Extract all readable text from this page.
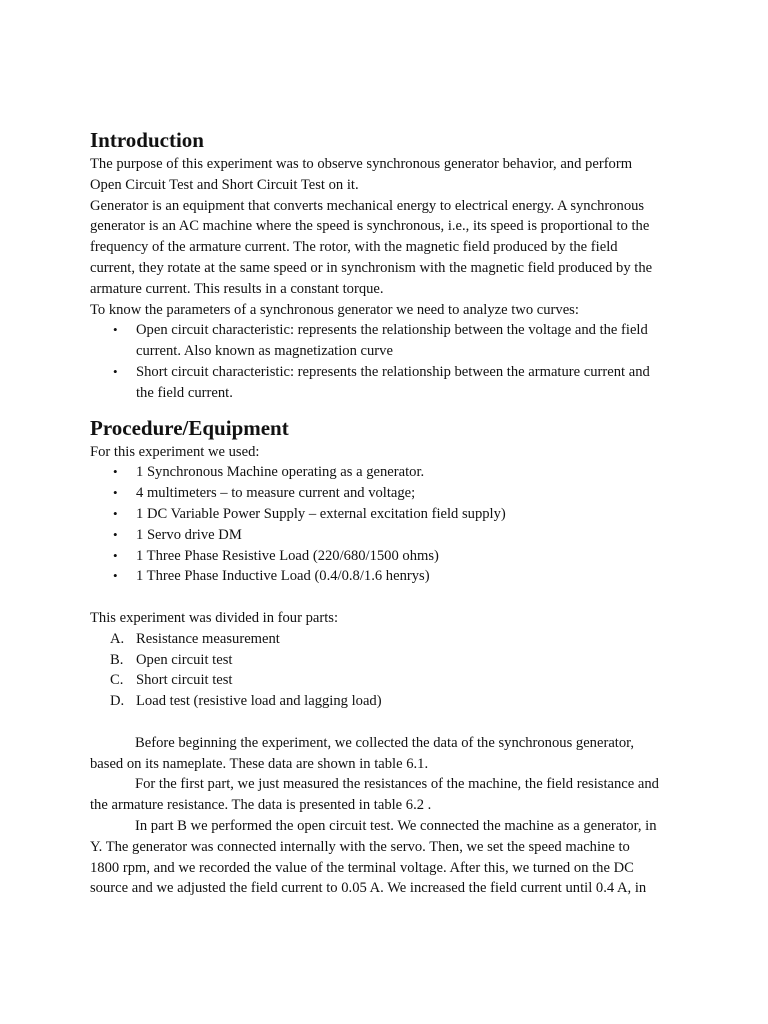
Introduction

The purpose of this experiment was to observe synchronous generator behavior, and perform

Open Circuit Test and Short Circuit Test on it.

Generator is an equipment that converts mechanical energy to electrical energy. A synchronous

generator is an AC machine where the speed is synchronous, i.e., its speed is proportional to the

frequency of the armature current. The rotor, with the magnetic field produced by the field

current, they rotate at the same speed or in synchronism with the magnetic field produced by the

armature current. This results in a constant torque.

To know the parameters of a synchronous generator we need to analyze two curves:

• Open circuit characteristic: represents the relationship between the voltage and the field
current. Also known as magnetization curve
• Short circuit characteristic: represents the relationship between the armature current and
the field current.
Procedure/Equipment

For this experiment we used:

• 1 Synchronous Machine operating as a generator.
• 4 multimeters – to measure current and voltage;
• 1 DC Variable Power Supply – external excitation field supply)
• 1 Servo drive DM
• 1 Three Phase Resistive Load (220/680/1500 ohms)
• 1 Three Phase Inductive Load (0.4/0.8/1.6 henrys)

This experiment was divided in four parts:

A. Resistance measurement
B. Open circuit test
C. Short circuit test
D. Load test (resistive load and lagging load)

Before beginning the experiment, we collected the data of the synchronous generator,

based on its nameplate. These data are shown in table 6.1.

For the first part, we just measured the resistances of the machine, the field resistance and

the armature resistance. The data is presented in table 6.2 .

In part B we performed the open circuit test. We connected the machine as a generator, in

Y. The generator was connected internally with the servo. Then, we set the speed machine to

1800 rpm, and we recorded the value of the terminal voltage. After this, we turned on the DC

source and we adjusted the field current to 0.05 A. We increased the field current until 0.4 A, in
